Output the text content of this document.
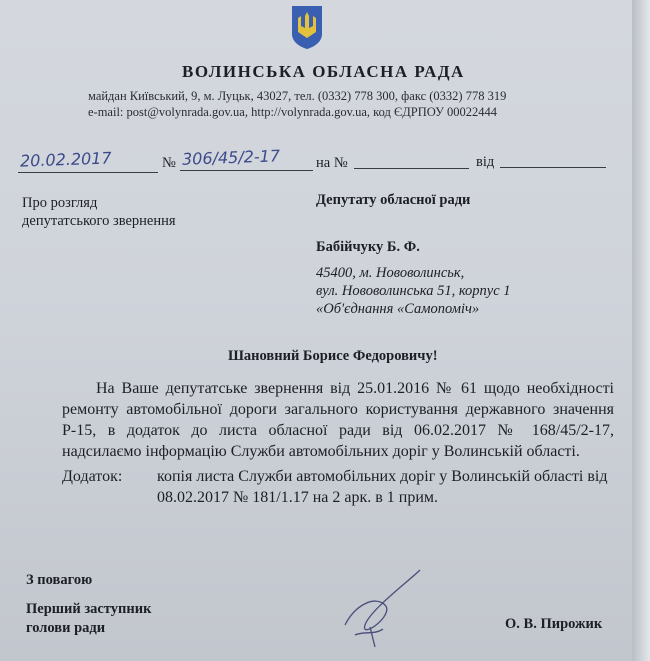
ВОЛИНСЬКА ОБЛАСНА РАДА
майдан Київський, 9, м. Луцьк, 43027, тел. (0332) 778 300, факс (0332) 778 319
e-mail: post@volynrada.gov.ua, http://volynrada.gov.ua, код ЄДРПОУ 00022444
20.02.2017	№ 306/45/2-17 на №	від
Про розгляд
депутатського звернення
Депутату обласної ради
Бабійчуку Б. Ф.
45400, м. Нововолинськ,
вул. Нововолинська 51, корпус 1
«Об'єднання «Самопоміч»
Шановний Борисе Федоровичу!

На Ваше депутатське звернення від 25.01.2016 № 61 щодо необхідності ремонту автомобільної дороги загального користування державного значення Р-15, в додаток до листа обласної ради від 06.02.2017 № 168/45/2-17, надсилаємо інформацію Служби автомобільних доріг у Волинській області.

Додаток: копія листа Служби автомобільних доріг у Волинській області від
08.02.2017 № 181/1.17 на 2 арк. в 1 прим.
З повагою
Перший заступник
голови ради	О. В. Пирожик
